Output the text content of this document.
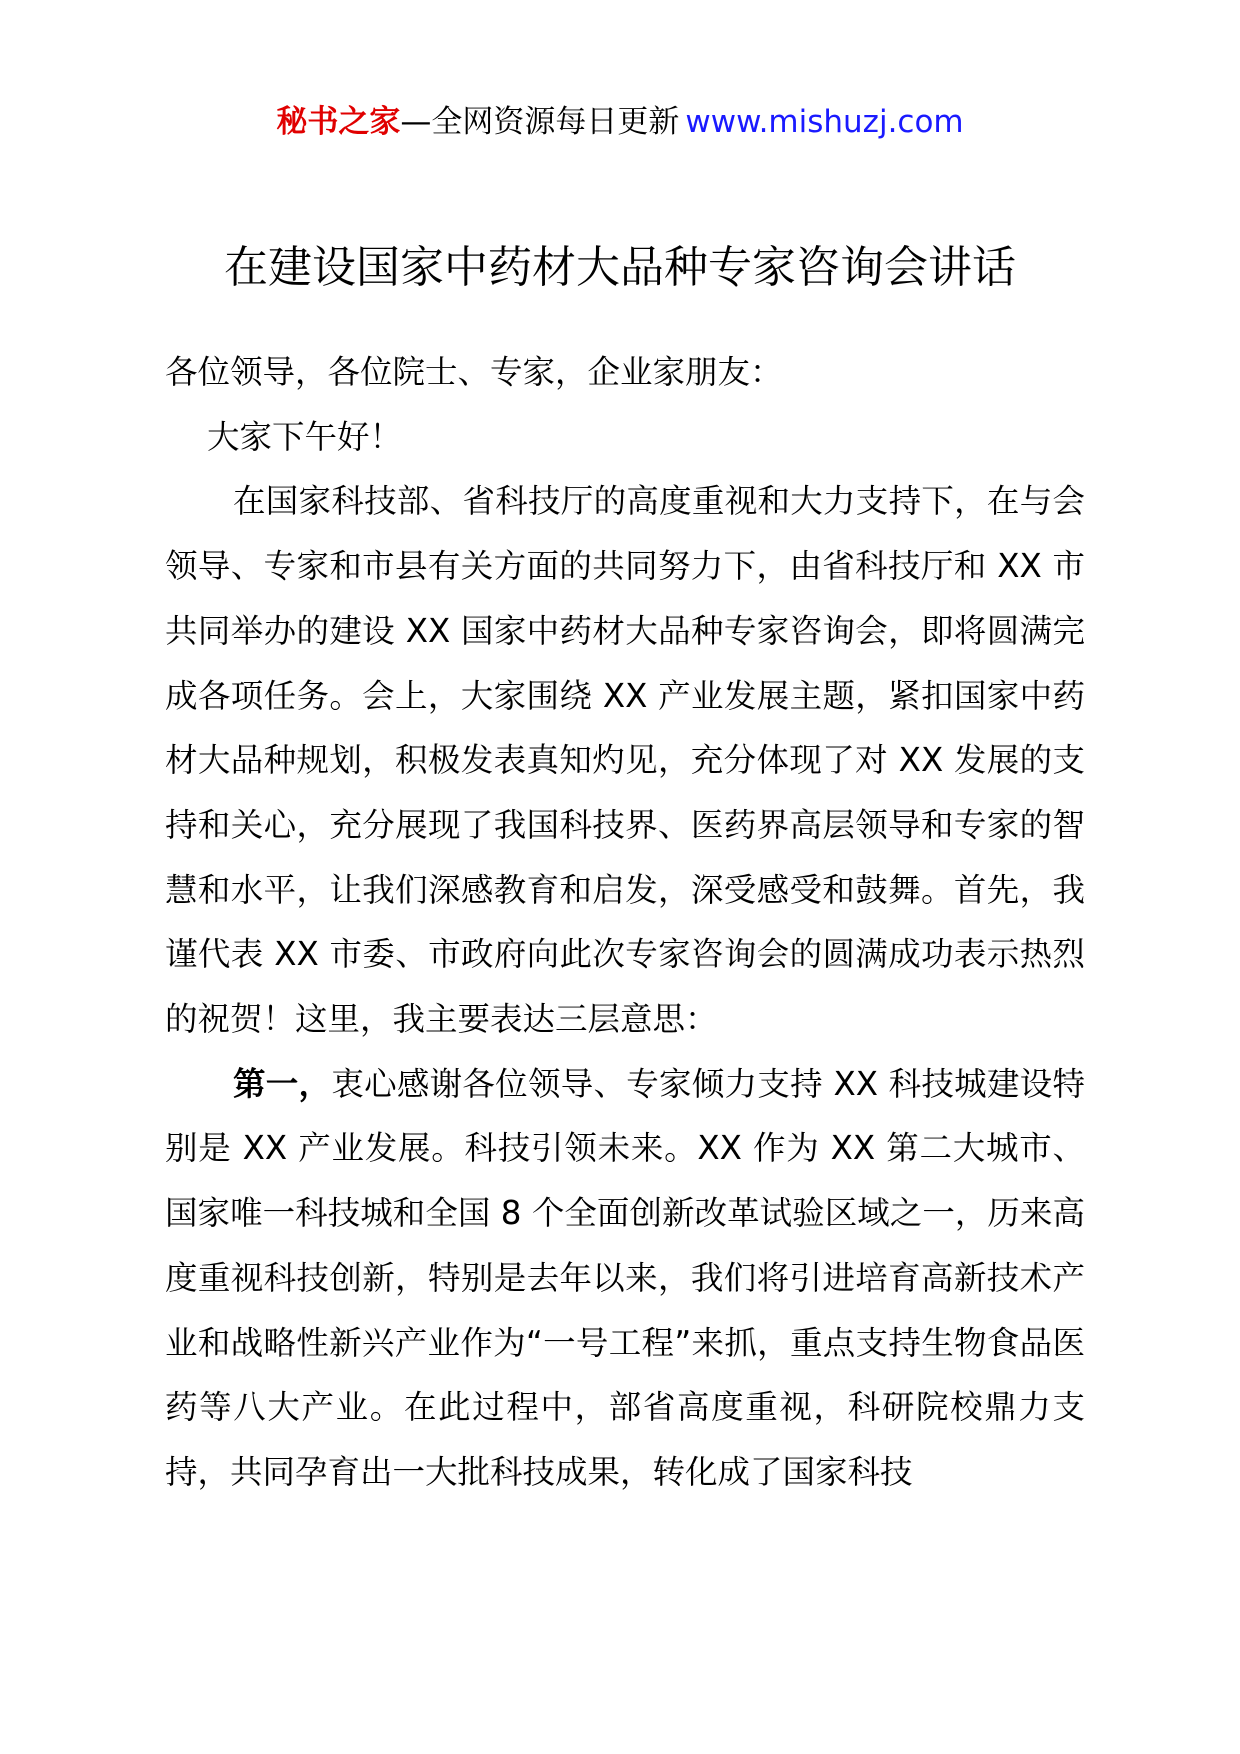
秘书之家—全网资源每日更新 www.mishuzj.com
在建设国家中药材大品种专家咨询会讲话

各位领导，各位院士、专家，企业家朋友：

大家下午好！

在国家科技部、省科技厅的高度重视和大力支持下，在与会领导、专家和市县有关方面的共同努力下，由省科技厅和 XX 市共同举办的建设 XX 国家中药材大品种专家咨询会，即将圆满完成各项任务。会上，大家围绕 XX 产业发展主题，紧扣国家中药材大品种规划，积极发表真知灼见，充分体现了对 XX 发展的支持和关心，充分展现了我国科技界、医药界高层领导和专家的智慧和水平，让我们深感教育和启发，深受感受和鼓舞。首先，我谨代表 XX 市委、市政府向此次专家咨询会的圆满成功表示热烈的祝贺！这里，我主要表达三层意思：

第一，衷心感谢各位领导、专家倾力支持 XX 科技城建设特别是 XX 产业发展。科技引领未来。XX 作为 XX 第二大城市、国家唯一科技城和全国 8 个全面创新改革试验区域之一，历来高度重视科技创新，特别是去年以来，我们将引进培育高新技术产业和战略性新兴产业作为“一号工程”来抓，重点支持生物食品医药等八大产业。在此过程中，部省高度重视，科研院校鼎力支持，共同孕育出一大批科技成果，转化成了国家科技
